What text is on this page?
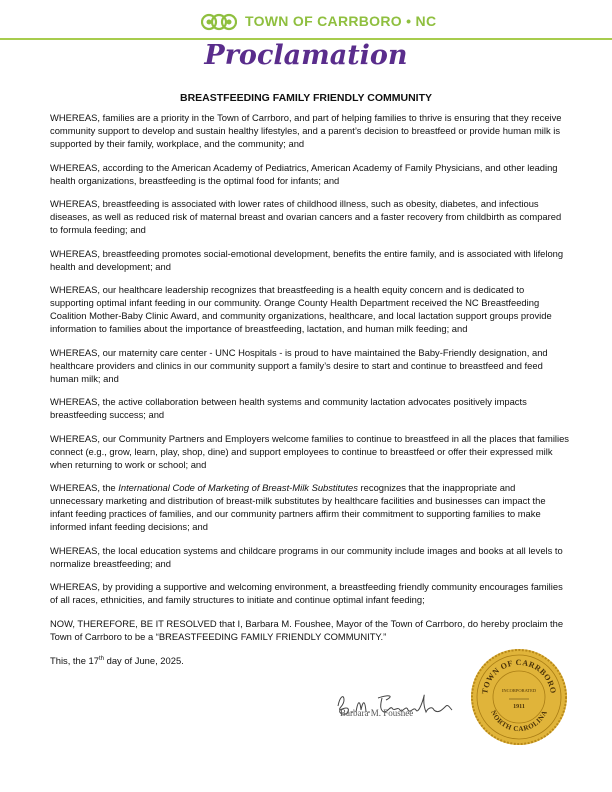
TOWN OF CARRBORO • NC
Proclamation
BREASTFEEDING FAMILY FRIENDLY COMMUNITY

WHEREAS, families are a priority in the Town of Carrboro, and part of helping families to thrive is ensuring that they receive community support to develop and sustain healthy lifestyles, and a parent’s decision to breastfeed or provide human milk is supported by their family, workplace, and the community; and

WHEREAS, according to the American Academy of Pediatrics, American Academy of Family Physicians, and other leading health organizations, breastfeeding is the optimal food for infants; and

WHEREAS, breastfeeding is associated with lower rates of childhood illness, such as obesity, diabetes, and infectious diseases, as well as reduced risk of maternal breast and ovarian cancers and a faster recovery from childbirth as compared to formula feeding; and

WHEREAS, breastfeeding promotes social-emotional development, benefits the entire family, and is associated with lifelong health and development; and

WHEREAS, our healthcare leadership recognizes that breastfeeding is a health equity concern and is dedicated to supporting optimal infant feeding in our community. Orange County Health Department received the NC Breastfeeding Coalition Mother-Baby Clinic Award, and community organizations, healthcare, and local lactation support groups provide information to families about the importance of breastfeeding, lactation, and human milk feeding; and

WHEREAS, our maternity care center - UNC Hospitals - is proud to have maintained the Baby-Friendly designation, and healthcare providers and clinics in our community support a family’s desire to start and continue to breastfeed and feed human milk; and

WHEREAS, the active collaboration between health systems and community lactation advocates positively impacts breastfeeding success; and

WHEREAS, our Community Partners and Employers welcome families to continue to breastfeed in all the places that families connect (e.g., grow, learn, play, shop, dine) and support employees to continue to breastfeed or offer their expressed milk when returning to work or school; and

WHEREAS, the International Code of Marketing of Breast-Milk Substitutes recognizes that the inappropriate and unnecessary marketing and distribution of breast-milk substitutes by healthcare facilities and businesses can impact the infant feeding practices of families, and our community partners affirm their commitment to supporting families to make informed infant feeding decisions; and

WHEREAS, the local education systems and childcare programs in our community include images and books at all levels to normalize breastfeeding; and

WHEREAS, by providing a supportive and welcoming environment, a breastfeeding friendly community encourages families of all races, ethnicities, and family structures to initiate and continue optimal infant feeding;

NOW, THEREFORE, BE IT RESOLVED that I, Barbara M. Foushee, Mayor of the Town of Carrboro, do hereby proclaim the Town of Carrboro to be a “BREASTFEEDING FAMILY FRIENDLY COMMUNITY.”

This, the 17th day of June, 2025.

Barbara M. Foushee
TOWN OF CARRBORO
NORTH CAROLINA
INCORPORATED
1911
